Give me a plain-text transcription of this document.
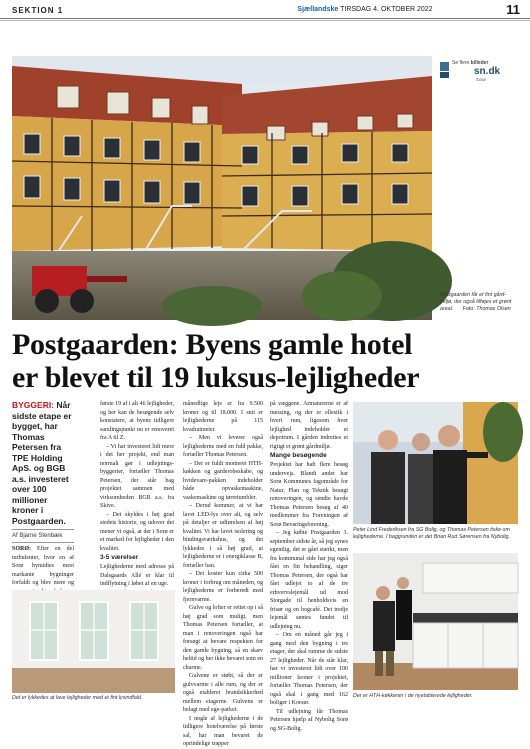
SEKTION 1	Sjællandske TIRSDAG 4. OKTOBER 2022	11
Se flere billeder
sn.dk
Sorø
Postgaarden får et fint gård-
miljø, der også tilføjes et grønt
areal. Foto: Thomas Olsen
Postgaarden: Byens gamle hotel
er blevet til 19 luksus-lejligheder

BYGGERI: Når sidste etape er bygget, har Thomas Petersen fra TPE Holding ApS. og BGB a.s. investeret over 100 millioner kroner i Postgaarden.

Af Bjarne Stenbæk

SORØ: Efter en del turbulenter, hvor en af Sorø bymidtes mest markante bygninger forfaldt og blev mere og

første 19 af i alt 46 lejligheder, og her kan de besøgende selv konstatere, at byens tidligere samlingspunkt nu er renoveret fra A til Z.

– Vi har investeret lidt mere i det her projekt, end man normalt gør i udlejnings-byggerier, fortæller Thomas Petersen, der står bag projektet sammen med virksomheden BGB a.s. fra Skive.

– Det skyldes i høj grad stedets historie, og udover det mener vi også, at der i Sorø er et marked for lejligheder i den kvalitet.

3-5 værelser

Lejlighederne med adresse på Dalsgaards Allé er klar til indflytning i løbet af en uge.

månedlige leje er fra 9.500 kroner og til 18.000. I snit er lejlighederne på 115 kvadratmeter.

– Men vi leverer også lejlighederne med en fuld pakke, fortæller Thomas Petersen.

– Der er fuldt monteret HTH-køkken og garderobeskabe, og hvidevare-pakken indeholder både opvaskemaskine, vaskemaskine og tørretumbler.

– Derud kommer, at vi har lavet LED-lys over alt, og selv på detaljer er udførelsen af høj kvalitet. Vi har lavet isolering og bindingsværkshus, og det lykkedes i så høj grad, at lejlighederne er i energiklasse B, fortæller han.

– Det koster kun cirka 500 kroner i forbrug om måneden, og lejlighederne er forberedt med fjernvarme.

Gulve og lofter er rettet op i så høj grad som muligt, men Thomas Petersen fortæller, at man i renoveringen også har forsøgt at bevare respekten for den gamle bygning, så en skæv heltid og her ikke bevaret som en charme.

Gulvene er støbt, så der er gulvvarme i alle rum, og der er også etableret brandsikkerhed mellem etagerne. Gulvene er belagt med ege-parket.

I nogle af lejlighederne i de tidligere hotelværelse på første sal, har man bevaret de oprindelige trapper

på væggene. Armaturerne er af messing, og der er ellestik i hvert rum, ligesom hver lejlighed indeholder et depotrum. I gården indrettes et rigtigt et grønt gårdmiljø.

Mange besøgende

Projektet har haft flere besøg undervejs. Blandt andet har Sorø Kommunes fagområde for Natur, Plan og Teknik besøgt renoveringen, og sendte havde Thomas Petersen besøg af 40 medlemmer fra Foreningen af Sorø Bevaringsforening.

– Jeg købte Postgaarden 3. september sidste år, så jeg synes egentlig, det er gået stærkt, men fra kommunal side har jeg også fået en fin behandling, siger Thomas Petersen, der også har fået udlejet to af de tre erhvervslejemål ud mod Storgade til henholdsvis en frisør og en bogcafé. Det tredje lejemål søntes fundet til udlejning nu.

– Om en måned går jeg i gang med den bygning i tre etager, der skal rumme de sidste 27 lejligheder. Når de står klar, har vi investeret lidt over 100 millioner kroner i projektet, fortæller Thomas Petersen, der også skal i gang med 162 boliger i Korsør.

Til udlejning får Thomas Petersen hjælp af Nybolig Sorø og SG-Bolig.

Det er lykkedes at lave lejligheder med et fint lysindfald.
Peter Lind Frederiksen fra SG Bolig, og Thomas Petersen tiske om lejlighederne. I baggrunden er det Brian Rud Sørensen fra Nybolig.
Der er HTH-køkkener i de nyetablerede lejligheder.
